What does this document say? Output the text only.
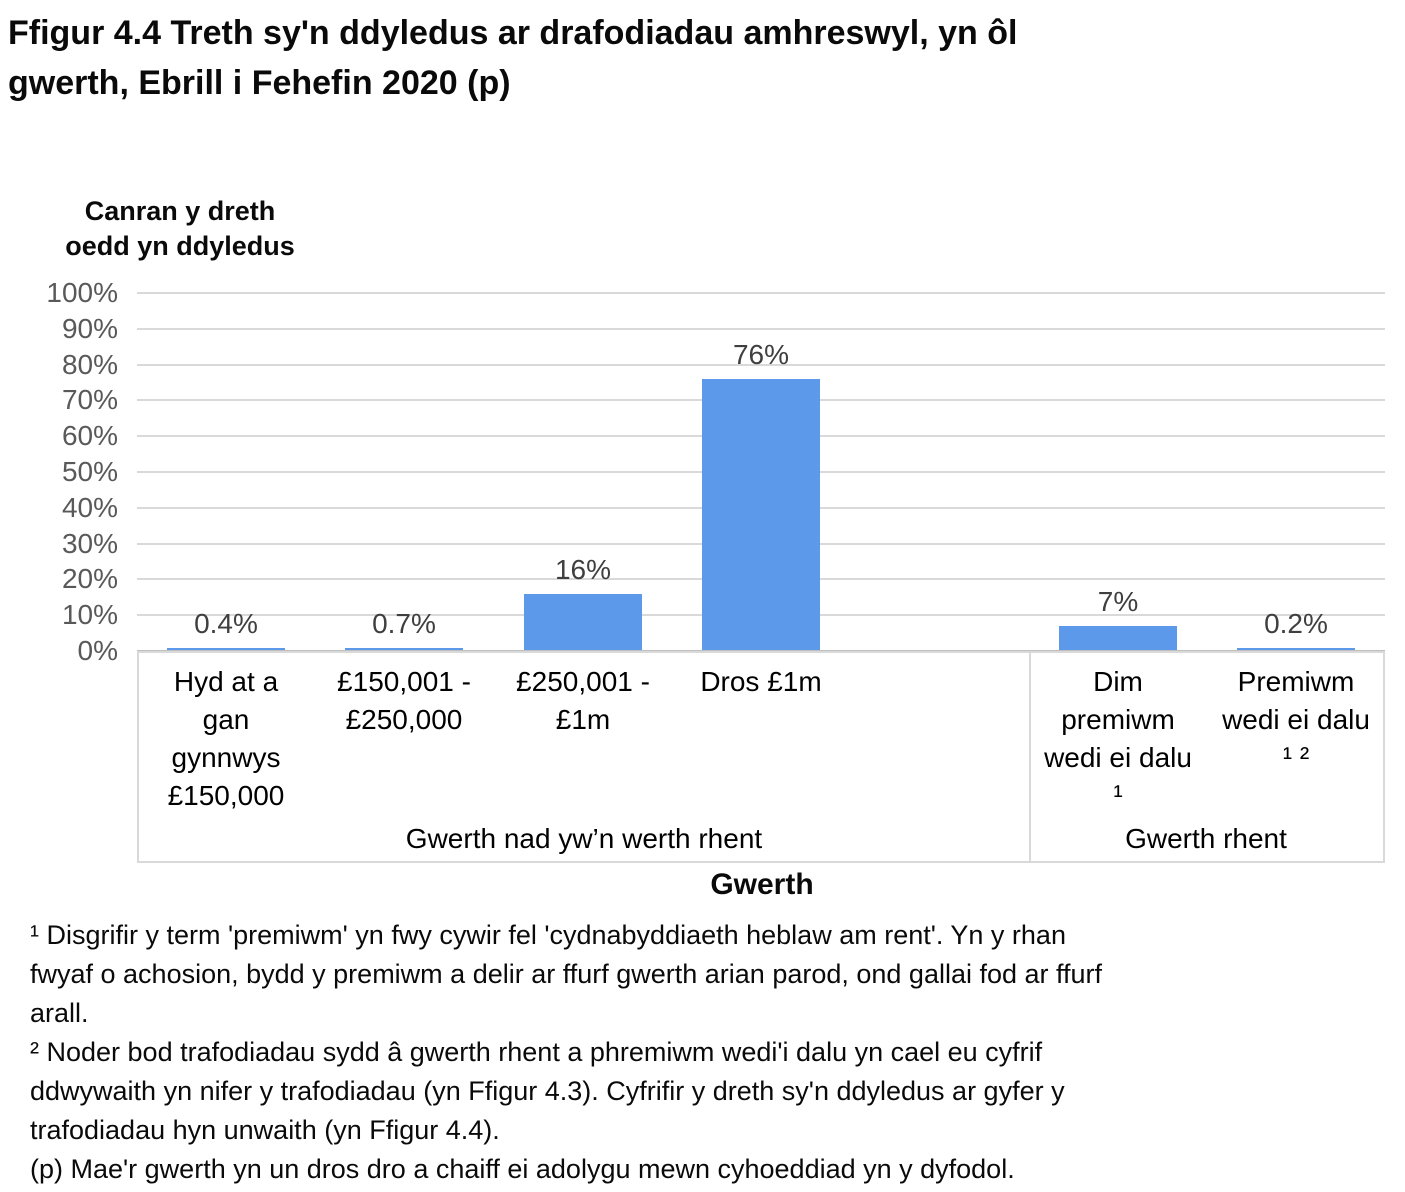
Ffigur 4.4 Treth sy'n ddyledus ar drafodiadau amhreswyl, yn ôl
gwerth, Ebrill i Fehefin 2020 (p)
Canran y dreth
oedd yn ddyledus
100%
90%
80%
70%
60%
50%
40%
30%
20%
10%
0%
0.4%
Hyd at a
gan
gynnwys
£150,000
0.7%
£150,001 -
£250,000
16%
£250,001 -
£1m
76%
Dros £1m
7%
Dim
premiwm
wedi ei dalu
¹
0.2%
Premiwm
wedi ei dalu
¹ ²
Gwerth nad yw’n werth rhent	Gwerth rhent
Gwerth
¹ Disgrifir y term 'premiwm' yn fwy cywir fel 'cydnabyddiaeth heblaw am rent'. Yn y rhan
fwyaf o achosion, bydd y premiwm a delir ar ffurf gwerth arian parod, ond gallai fod ar ffurf
arall.
² Noder bod trafodiadau sydd â gwerth rhent a phremiwm wedi'i dalu yn cael eu cyfrif
ddwywaith yn nifer y trafodiadau (yn Ffigur 4.3). Cyfrifir y dreth sy'n ddyledus ar gyfer y
trafodiadau hyn unwaith (yn Ffigur 4.4).
(p) Mae'r gwerth yn un dros dro a chaiff ei adolygu mewn cyhoeddiad yn y dyfodol.
